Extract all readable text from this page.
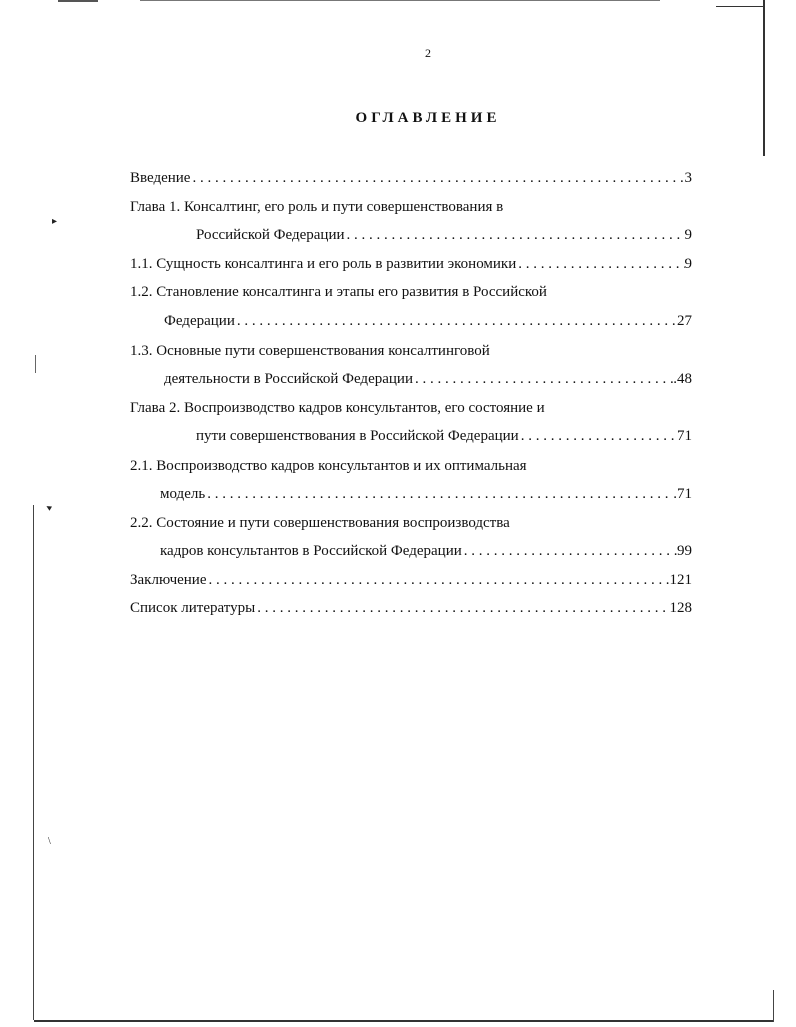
▸
◂
\
2
ОГЛАВЛЕНИЕ
Введение . . .	3
Глава 1. Консалтинг, его роль и пути совершенствования в
Российской Федерации . . .	9
1.1. Сущность консалтинга и его роль в развитии экономики . . .	9
1.2. Становление консалтинга и этапы его развития в Российской
Федерации . . .	27
1.3. Основные пути совершенствования консалтинговой
деятельности в Российской Федерации . . .	.48
Глава 2. Воспроизводство кадров консультантов, его состояние и
пути совершенствования в Российской Федерации . . .	71
2.1. Воспроизводство кадров консультантов и их оптимальная
модель . . .	.71
2.2. Состояние и пути совершенствования воспроизводства
кадров консультантов в Российской Федерации . . .	99
Заключение . . .	.121
Список литературы . . .	128
